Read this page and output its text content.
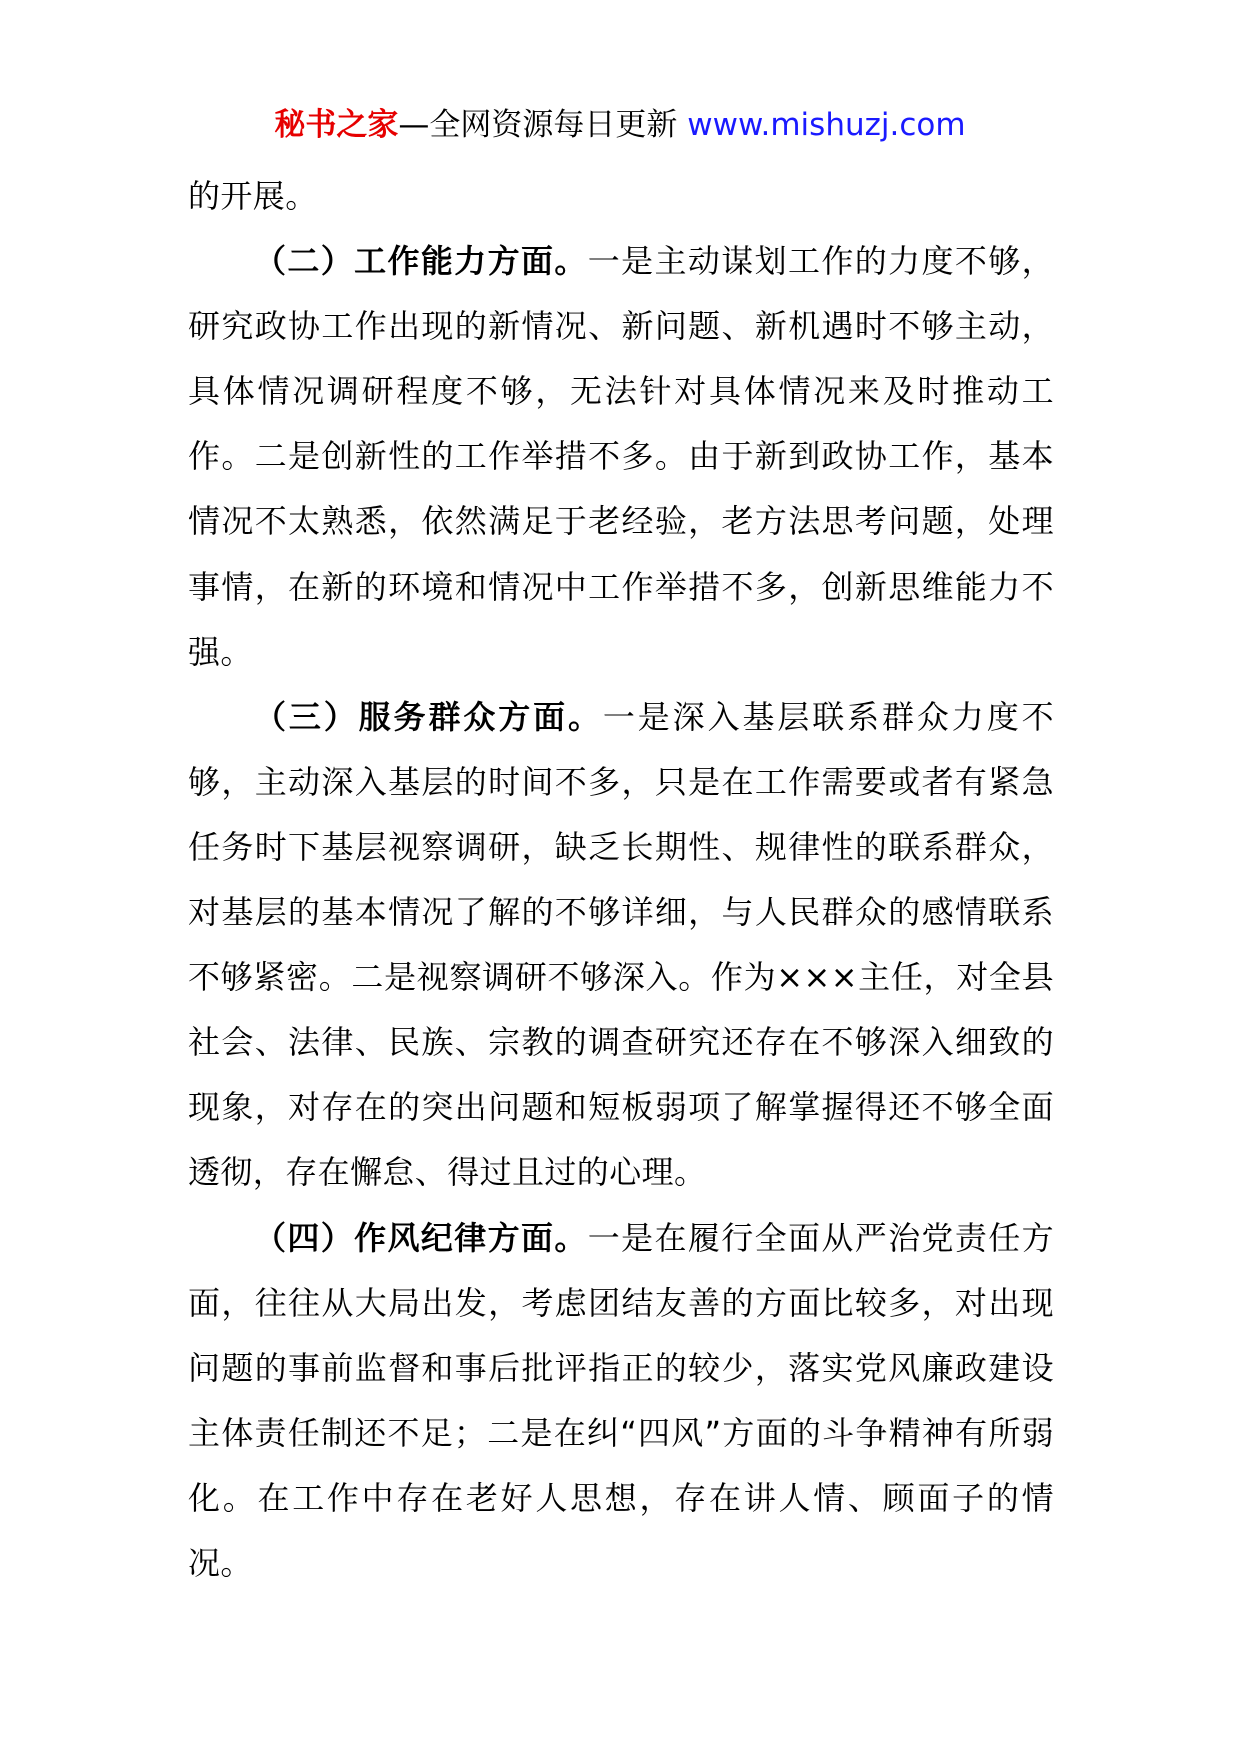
秘书之家—全网资源每日更新 www.mishuzj.com

的开展。

（二）工作能力方面。一是主动谋划工作的力度不够，研究政协工作出现的新情况、新问题、新机遇时不够主动，具体情况调研程度不够，无法针对具体情况来及时推动工作。二是创新性的工作举措不多。由于新到政协工作，基本情况不太熟悉，依然满足于老经验，老方法思考问题，处理事情，在新的环境和情况中工作举措不多，创新思维能力不强。

（三）服务群众方面。一是深入基层联系群众力度不够，主动深入基层的时间不多，只是在工作需要或者有紧急任务时下基层视察调研，缺乏长期性、规律性的联系群众，对基层的基本情况了解的不够详细，与人民群众的感情联系不够紧密。二是视察调研不够深入。作为×××主任，对全县社会、法律、民族、宗教的调查研究还存在不够深入细致的现象，对存在的突出问题和短板弱项了解掌握得还不够全面透彻，存在懈怠、得过且过的心理。

（四）作风纪律方面。一是在履行全面从严治党责任方面，往往从大局出发，考虑团结友善的方面比较多，对出现问题的事前监督和事后批评指正的较少，落实党风廉政建设主体责任制还不足；二是在纠“四风”方面的斗争精神有所弱化。在工作中存在老好人思想，存在讲人情、顾面子的情况。
